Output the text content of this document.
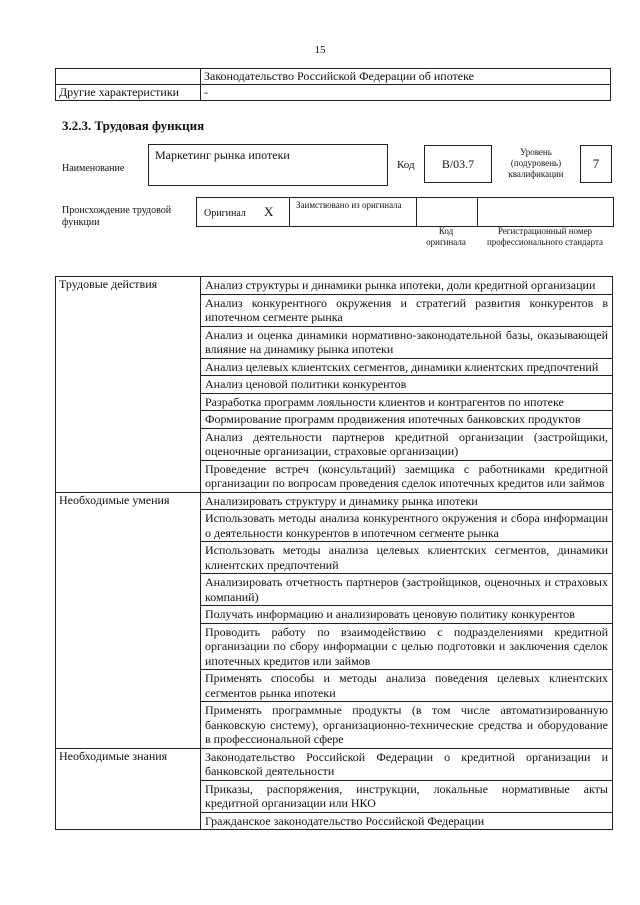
15
	Законодательство Российской Федерации об ипотеке
Другие характеристики	-
3.2.3. Трудовая функция
Наименование
Маркетинг рынка ипотеки
Код	В/03.7
Уровень (подуровень) квалификации
7
Происхождение трудовой функции
Оригинал X	Заимствовано из оригинала
Код оригинала
Регистрационный номер профессионального стандарта
Трудовые действия	Анализ структуры и динамики рынка ипотеки, доли кредитной организации
	Анализ конкурентного окружения и стратегий развития конкурентов в ипотечном сегменте рынка
	Анализ и оценка динамики нормативно-законодательной базы, оказывающей влияние на динамику рынка ипотеки
	Анализ целевых клиентских сегментов, динамики клиентских предпочтений
	Анализ ценовой политики конкурентов
	Разработка программ лояльности клиентов и контрагентов по ипотеке
	Формирование программ продвижения ипотечных банковских продуктов
	Анализ деятельности партнеров кредитной организации (застройщики, оценочные организации, страховые организации)
	Проведение встреч (консультаций) заемщика с работниками кредитной организации по вопросам проведения сделок ипотечных кредитов или займов
Необходимые умения	Анализировать структуру и динамику рынка ипотеки
	Использовать методы анализа конкурентного окружения и сбора информации о деятельности конкурентов в ипотечном сегменте рынка
	Использовать методы анализа целевых клиентских сегментов, динамики клиентских предпочтений
	Анализировать отчетность партнеров (застройщиков, оценочных и страховых компаний)
	Получать информацию и анализировать ценовую политику конкурентов
	Проводить работу по взаимодействию с подразделениями кредитной организации по сбору информации с целью подготовки и заключения сделок ипотечных кредитов или займов
	Применять способы и методы анализа поведения целевых клиентских сегментов рынка ипотеки
	Применять программные продукты (в том числе автоматизированную банковскую систему), организационно-технические средства и оборудование в профессиональной сфере
Необходимые знания	Законодательство Российской Федерации о кредитной организации и банковской деятельности
	Приказы, распоряжения, инструкции, локальные нормативные акты кредитной организации или НКО
	Гражданское законодательство Российской Федерации
